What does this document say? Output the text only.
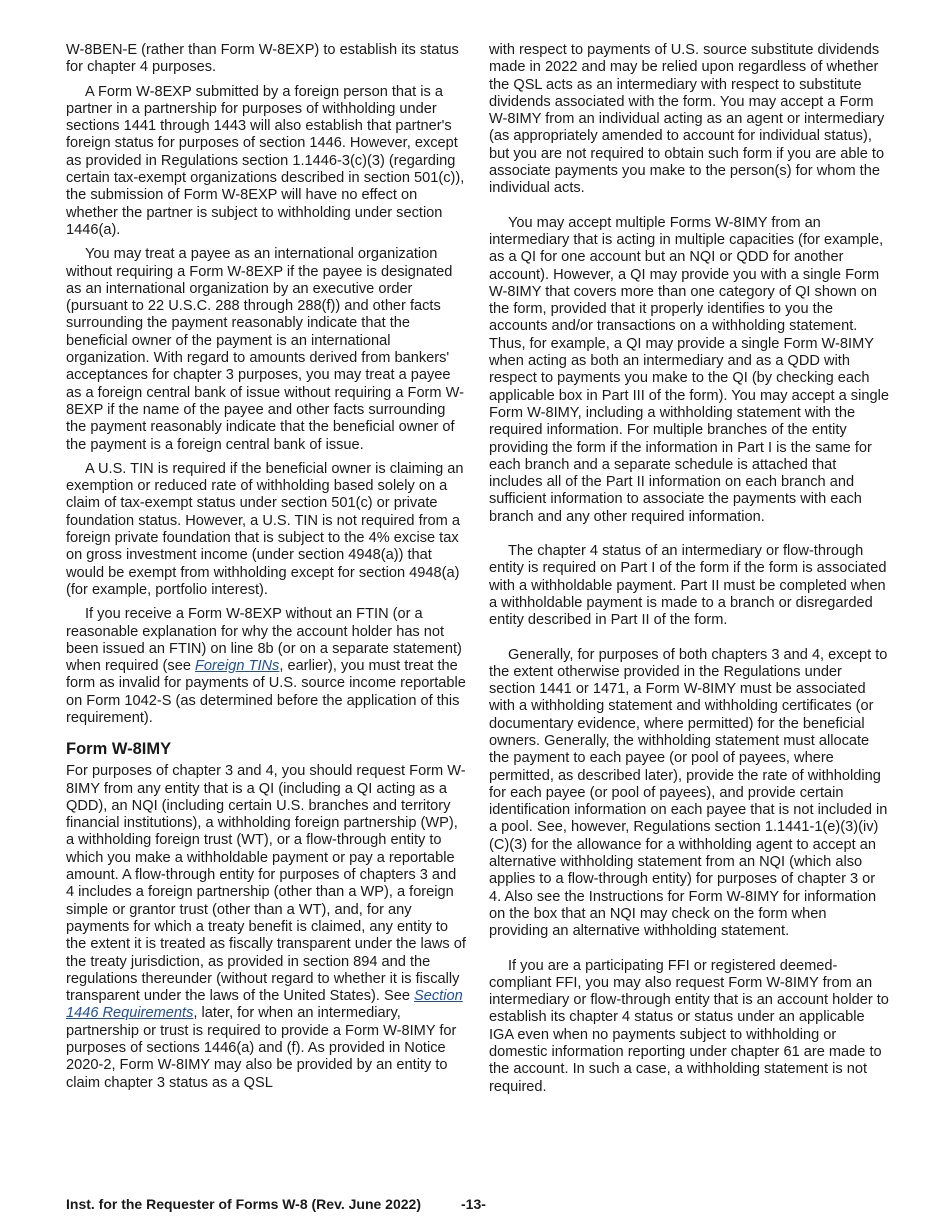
W-8BEN-E (rather than Form W-8EXP) to establish its status for chapter 4 purposes.

A Form W-8EXP submitted by a foreign person that is a partner in a partnership for purposes of withholding under sections 1441 through 1443 will also establish that partner's foreign status for purposes of section 1446. However, except as provided in Regulations section 1.1446-3(c)(3) (regarding certain tax-exempt organizations described in section 501(c)), the submission of Form W-8EXP will have no effect on whether the partner is subject to withholding under section 1446(a).

You may treat a payee as an international organization without requiring a Form W-8EXP if the payee is designated as an international organization by an executive order (pursuant to 22 U.S.C. 288 through 288(f)) and other facts surrounding the payment reasonably indicate that the beneficial owner of the payment is an international organization. With regard to amounts derived from bankers' acceptances for chapter 3 purposes, you may treat a payee as a foreign central bank of issue without requiring a Form W-8EXP if the name of the payee and other facts surrounding the payment reasonably indicate that the beneficial owner of the payment is a foreign central bank of issue.

A U.S. TIN is required if the beneficial owner is claiming an exemption or reduced rate of withholding based solely on a claim of tax-exempt status under section 501(c) or private foundation status. However, a U.S. TIN is not required from a foreign private foundation that is subject to the 4% excise tax on gross investment income (under section 4948(a)) that would be exempt from withholding except for section 4948(a) (for example, portfolio interest).

If you receive a Form W-8EXP without an FTIN (or a reasonable explanation for why the account holder has not been issued an FTIN) on line 8b (or on a separate statement) when required (see Foreign TINs, earlier), you must treat the form as invalid for payments of U.S. source income reportable on Form 1042-S (as determined before the application of this requirement).

Form W-8IMY

For purposes of chapter 3 and 4, you should request Form W-8IMY from any entity that is a QI (including a QI acting as a QDD), an NQI (including certain U.S. branches and territory financial institutions), a withholding foreign partnership (WP), a withholding foreign trust (WT), or a flow-through entity to which you make a withholdable payment or pay a reportable amount. A flow-through entity for purposes of chapters 3 and 4 includes a foreign partnership (other than a WP), a foreign simple or grantor trust (other than a WT), and, for any payments for which a treaty benefit is claimed, any entity to the extent it is treated as fiscally transparent under the laws of the treaty jurisdiction, as provided in section 894 and the regulations thereunder (without regard to whether it is fiscally transparent under the laws of the United States). See Section 1446 Requirements, later, for when an intermediary, partnership or trust is required to provide a Form W-8IMY for purposes of sections 1446(a) and (f). As provided in Notice 2020-2, Form W-8IMY may also be provided by an entity to claim chapter 3 status as a QSL

with respect to payments of U.S. source substitute dividends made in 2022 and may be relied upon regardless of whether the QSL acts as an intermediary with respect to substitute dividends associated with the form. You may accept a Form W-8IMY from an individual acting as an agent or intermediary (as appropriately amended to account for individual status), but you are not required to obtain such form if you are able to associate payments you make to the person(s) for whom the individual acts.

You may accept multiple Forms W-8IMY from an intermediary that is acting in multiple capacities (for example, as a QI for one account but an NQI or QDD for another account). However, a QI may provide you with a single Form W-8IMY that covers more than one category of QI shown on the form, provided that it properly identifies to you the accounts and/or transactions on a withholding statement. Thus, for example, a QI may provide a single Form W-8IMY when acting as both an intermediary and as a QDD with respect to payments you make to the QI (by checking each applicable box in Part III of the form). You may accept a single Form W-8IMY, including a withholding statement with the required information. For multiple branches of the entity providing the form if the information in Part I is the same for each branch and a separate schedule is attached that includes all of the Part II information on each branch and sufficient information to associate the payments with each branch and any other required information.

The chapter 4 status of an intermediary or flow-through entity is required on Part I of the form if the form is associated with a withholdable payment. Part II must be completed when a withholdable payment is made to a branch or disregarded entity described in Part II of the form.

Generally, for purposes of both chapters 3 and 4, except to the extent otherwise provided in the Regulations under section 1441 or 1471, a Form W-8IMY must be associated with a withholding statement and withholding certificates (or documentary evidence, where permitted) for the beneficial owners. Generally, the withholding statement must allocate the payment to each payee (or pool of payees, where permitted, as described later), provide the rate of withholding for each payee (or pool of payees), and provide certain identification information on each payee that is not included in a pool. See, however, Regulations section 1.1441-1(e)(3)(iv)(C)(3) for the allowance for a withholding agent to accept an alternative withholding statement from an NQI (which also applies to a flow-through entity) for purposes of chapter 3 or 4. Also see the Instructions for Form W-8IMY for information on the box that an NQI may check on the form when providing an alternative withholding statement.

If you are a participating FFI or registered deemed-compliant FFI, you may also request Form W-8IMY from an intermediary or flow-through entity that is an account holder to establish its chapter 4 status or status under an applicable IGA even when no payments subject to withholding or domestic information reporting under chapter 61 are made to the account. In such a case, a withholding statement is not required.

Inst. for the Requester of Forms W-8 (Rev. June 2022)	-13-
